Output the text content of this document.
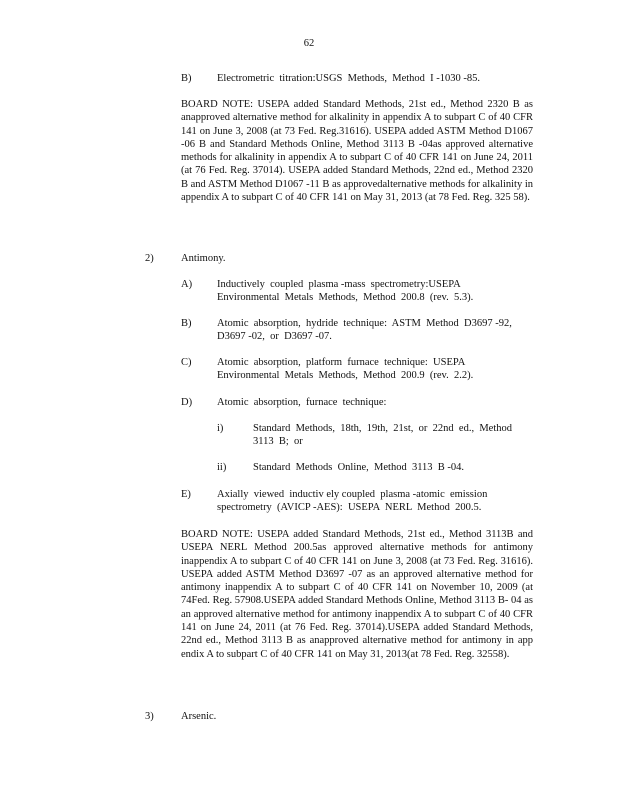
62
B) Electrometric  titration:USGS  Methods,  Method  I -1030 -85.
BOARD NOTE: USEPA added Standard Methods, 21st ed., Method 2320 B as anapproved alternative method for alkalinity in appendix A to subpart C of 40 CFR 141 on June 3, 2008 (at 73 Fed. Reg.31616). USEPA added ASTM Method D1067 -06 B and Standard Methods Online, Method 3113 B -04as approved alternative methods for alkalinity in appendix A to subpart C of 40 CFR 141 on June 24, 2011 (at 76 Fed. Reg. 37014). USEPA added Standard Methods, 22nd ed., Method 2320 B and ASTM Method D1067 -11 B as approvedalternative methods for alkalinity in appendix A to subpart C of 40 CFR 141 on May 31, 2013 (at 78 Fed. Reg. 325 58).
2)	Antimony.
A) Inductively  coupled  plasma -mass  spectrometry:USEPA
Environmental  Metals  Methods,  Method  200.8  (rev.  5.3).
B) Atomic  absorption,  hydride  technique:  ASTM  Method  D3697 -92,
D3697 -02,  or  D3697 -07.
C) Atomic  absorption,  platform  furnace  technique:  USEPA
Environmental  Metals  Methods,  Method  200.9  (rev.  2.2).
D) Atomic  absorption,  furnace  technique:
i)	Standard  Methods,  18th,  19th,  21st,  or  22nd  ed.,  Method
3113  B;  or
ii)	Standard  Methods  Online,  Method  3113  B -04.
E) Axially  viewed  inductiv ely coupled  plasma -atomic  emission
spectrometry  (AVICP -AES):  USEPA  NERL  Method  200.5.
BOARD NOTE: USEPA added Standard Methods, 21st ed., Method 3113B and USEPA NERL Method 200.5as approved alternative methods for antimony inappendix A to subpart C of 40 CFR 141 on June 3, 2008 (at 73 Fed. Reg. 31616). USEPA added ASTM Method D3697 -07 as an approved alternative method for antimony inappendix A to subpart C of 40 CFR 141 on November 10, 2009 (at 74Fed. Reg. 57908.USEPA added Standard Methods Online, Method 3113 B- 04 as an approved alternative method for antimony inappendix A to subpart C of 40 CFR 141 on June 24, 2011 (at 76 Fed. Reg. 37014).USEPA added Standard Methods, 22nd ed., Method 3113 B as anapproved alternative method for antimony in app endix A to subpart C of 40 CFR 141 on May 31, 2013(at 78 Fed. Reg. 32558).
3)	Arsenic.
